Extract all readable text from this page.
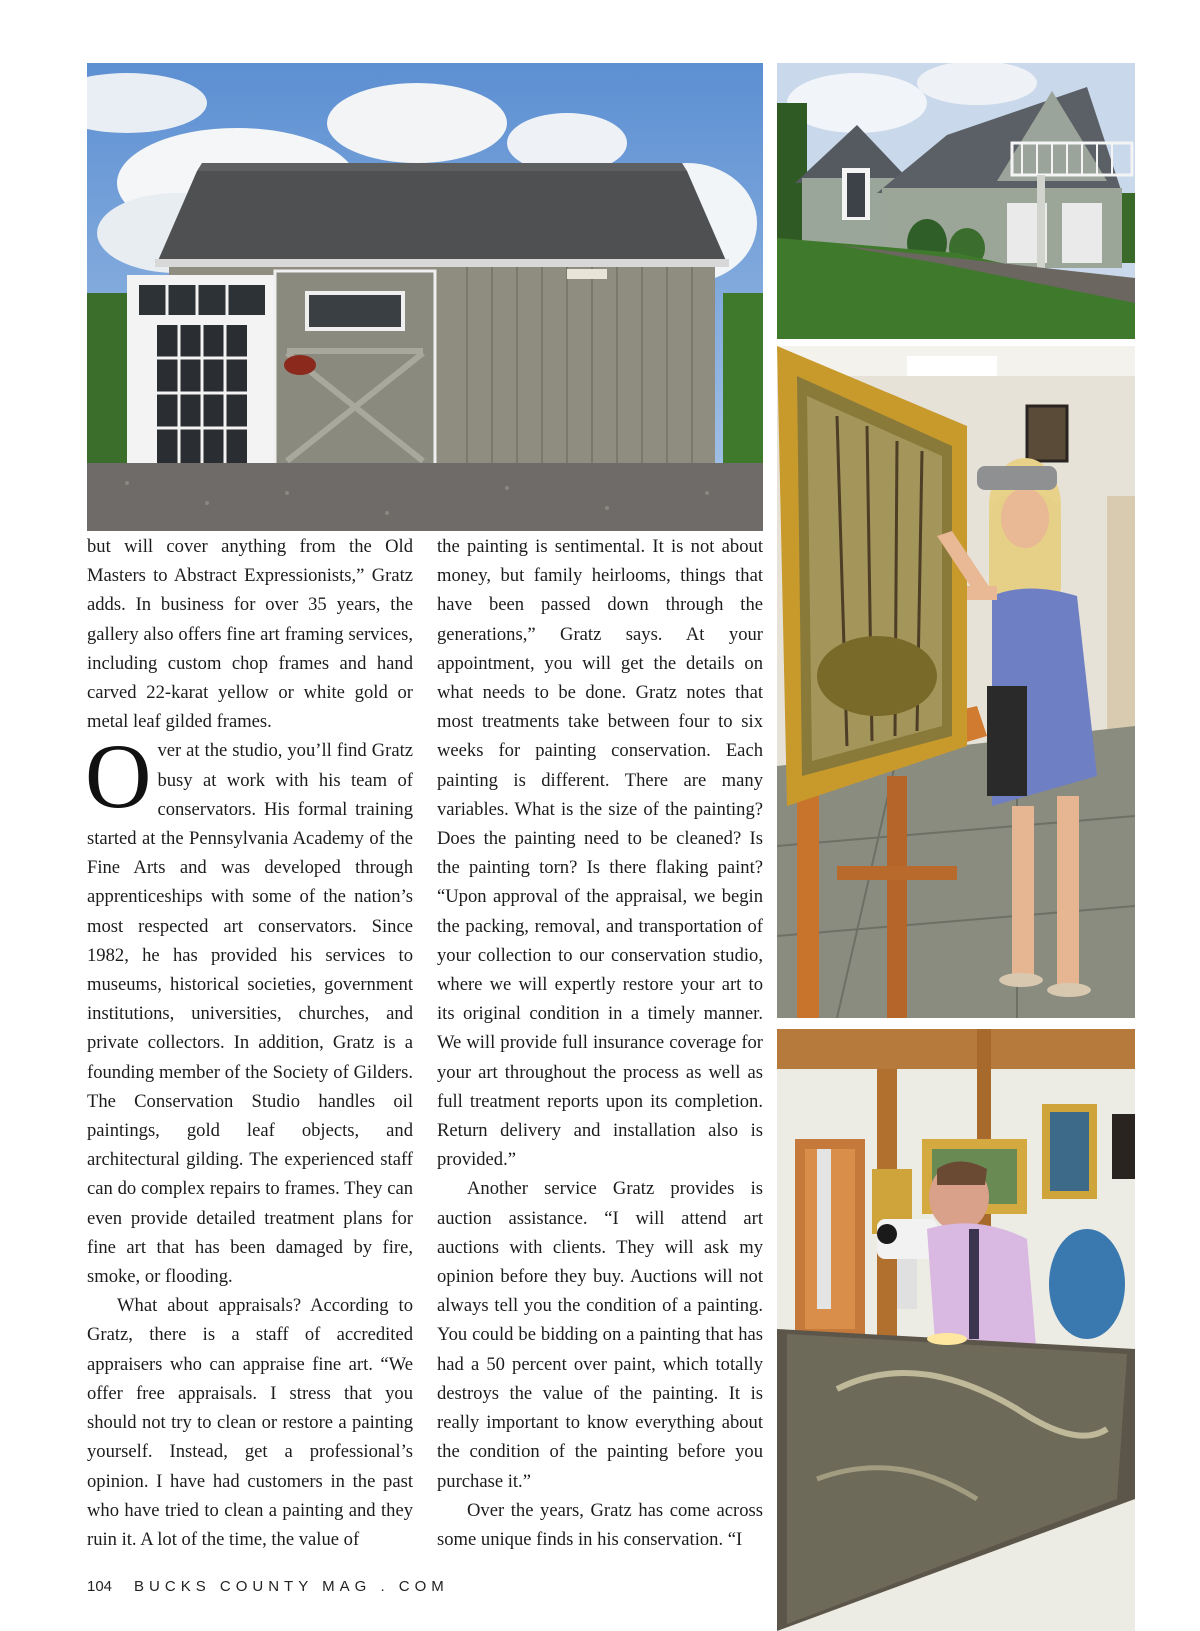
but will cover anything from the Old Masters to Abstract Expressionists,” Gratz adds. In business for over 35 years, the gallery also offers fine art framing services, including custom chop frames and hand carved 22-karat yellow or white gold or metal leaf gilded frames.

Over at the studio, you’ll find Gratz busy at work with his team of conservators. His formal training started at the Pennsylvania Academy of the Fine Arts and was developed through apprenticeships with some of the nation’s most respected art conservators. Since 1982, he has provided his services to museums, historical societies, government institutions, universities, churches, and private collectors. In addition, Gratz is a founding member of the Society of Gilders. The Conservation Studio handles oil paintings, gold leaf objects, and architectural gilding. The experienced staff can do complex repairs to frames. They can even provide detailed treatment plans for fine art that has been damaged by fire, smoke, or flooding.

What about appraisals? According to Gratz, there is a staff of accredited appraisers who can appraise fine art. “We offer free appraisals. I stress that you should not try to clean or restore a painting yourself. Instead, get a professional’s opinion. I have had customers in the past who have tried to clean a painting and they ruin it. A lot of the time, the value of

the painting is sentimental. It is not about money, but family heirlooms, things that have been passed down through the generations,” Gratz says. At your appointment, you will get the details on what needs to be done. Gratz notes that most treatments take between four to six weeks for painting conservation. Each painting is different. There are many variables. What is the size of the painting? Does the painting need to be cleaned? Is the painting torn? Is there flaking paint? “Upon approval of the appraisal, we begin the packing, removal, and transportation of your collection to our conservation studio, where we will expertly restore your art to its original condition in a timely manner. We will provide full insurance coverage for your art throughout the process as well as full treatment reports upon its completion. Return delivery and installation also is provided.”

Another service Gratz provides is auction assistance. “I will attend art auctions with clients. They will ask my opinion before they buy. Auctions will not always tell you the condition of a painting. You could be bidding on a painting that has had a 50 percent over paint, which totally destroys the value of the painting. It is really important to know everything about the condition of the painting before you purchase it.”

Over the years, Gratz has come across some unique finds in his conservation. “I

104 BUCKS COUNTY MAG . COM
